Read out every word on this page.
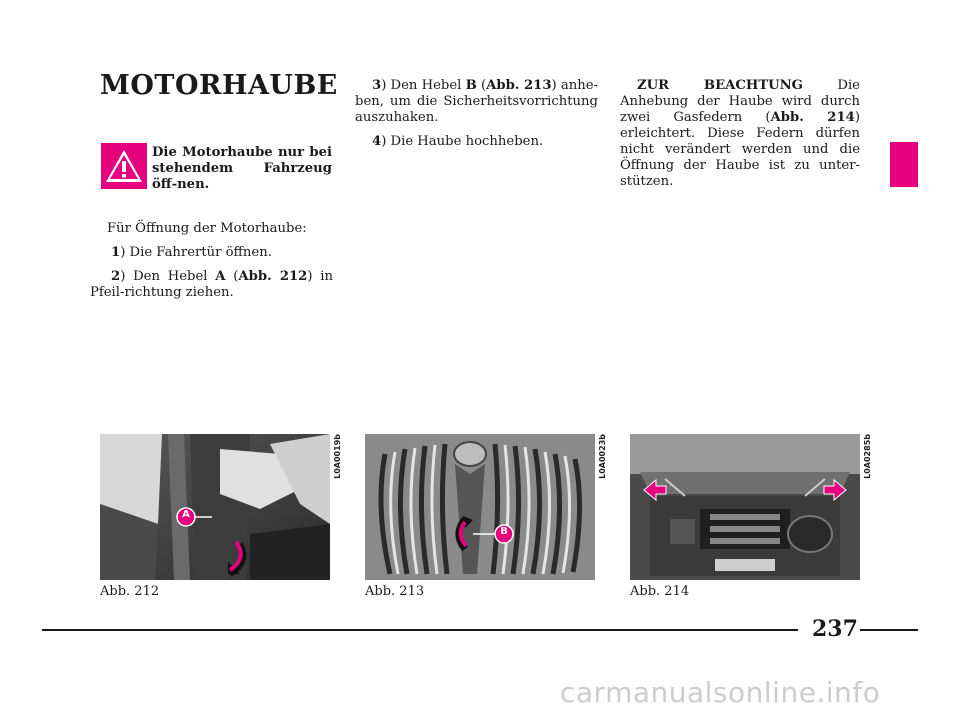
MOTORHAUBE
Die Motorhaube nur bei stehendem Fahrzeug öff-nen.

Für Öffnung der Motorhaube:

1) Die Fahrertür öffnen.

2) Den Hebel A (Abb. 212) in Pfeil-richtung ziehen.

3) Den Hebel B (Abb. 213) anhe-ben, um die Sicherheitsvorrichtung auszuhaken.

4) Die Haube hochheben.

ZUR BEACHTUNG Die Anhebung der Haube wird durch zwei Gasfedern (Abb. 214) erleichtert. Diese Federn dürfen nicht verändert werden und die Öffnung der Haube ist zu unter-stützen.

A
L0A0019b
Abb. 212
B
L0A0023b
Abb. 213
L0A0285b
Abb. 214
237
carmanualsonline.info
